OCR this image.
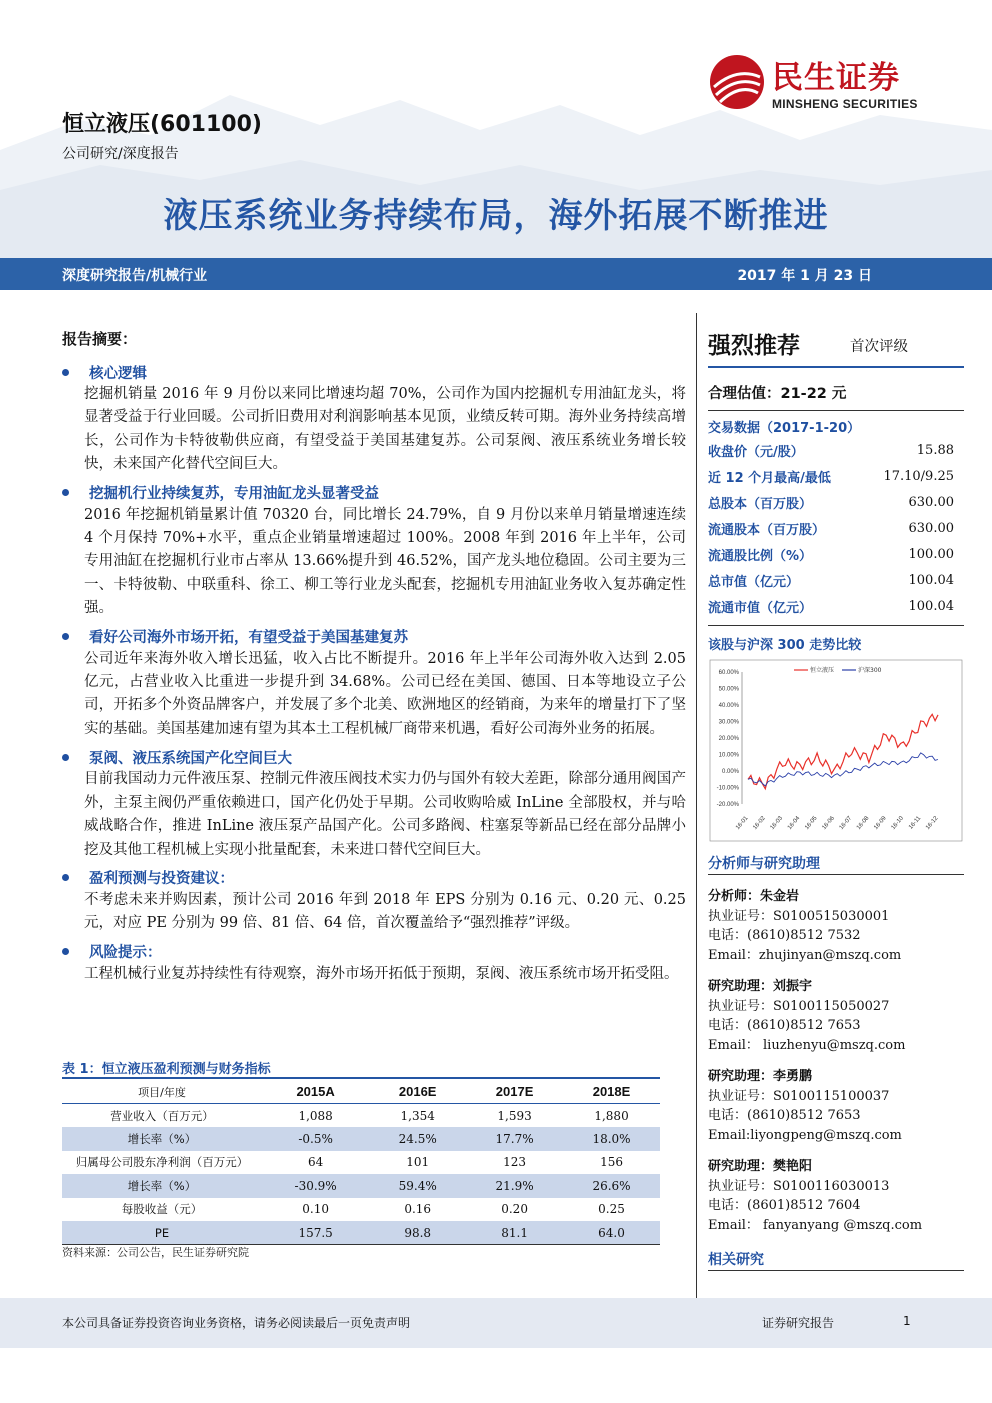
民生证券
MINSHENG SECURITIES
恒立液压(601100)
公司研究/深度报告
液压系统业务持续布局，海外拓展不断推进
深度研究报告/机械行业	2017 年 1 月 23 日
报告摘要：
核心逻辑
挖掘机销量 2016 年 9 月份以来同比增速均超 70%，公司作为国内挖掘机专用油缸龙头，将显著受益于行业回暖。公司折旧费用对利润影响基本见顶，业绩反转可期。海外业务持续高增长，公司作为卡特彼勒供应商，有望受益于美国基建复苏。公司泵阀、液压系统业务增长较快，未来国产化替代空间巨大。
挖掘机行业持续复苏，专用油缸龙头显著受益
2016 年挖掘机销量累计值 70320 台，同比增长 24.79%，自 9 月份以来单月销量增速连续 4 个月保持 70%+水平，重点企业销量增速超过 100%。2008 年到 2016 年上半年，公司专用油缸在挖掘机行业市占率从 13.66%提升到 46.52%，国产龙头地位稳固。公司主要为三一、卡特彼勒、中联重科、徐工、柳工等行业龙头配套，挖掘机专用油缸业务收入复苏确定性强。
看好公司海外市场开拓，有望受益于美国基建复苏
公司近年来海外收入增长迅猛，收入占比不断提升。2016 年上半年公司海外收入达到 2.05 亿元，占营业收入比重进一步提升到 34.68%。公司已经在美国、德国、日本等地设立子公司，开拓多个外资品牌客户，并发展了多个北美、欧洲地区的经销商，为来年的增量打下了坚实的基础。美国基建加速有望为其本土工程机械厂商带来机遇，看好公司海外业务的拓展。
泵阀、液压系统国产化空间巨大
目前我国动力元件液压泵、控制元件液压阀技术实力仍与国外有较大差距，除部分通用阀国产外，主泵主阀仍严重依赖进口，国产化仍处于早期。公司收购哈威 InLine 全部股权，并与哈威战略合作，推进 InLine 液压泵产品国产化。公司多路阀、柱塞泵等新品已经在部分品牌小挖及其他工程机械上实现小批量配套，未来进口替代空间巨大。
盈利预测与投资建议：
不考虑未来并购因素，预计公司 2016 年到 2018 年 EPS 分别为 0.16 元、0.20 元、0.25 元，对应 PE 分别为 99 倍、81 倍、64 倍，首次覆盖给予“强烈推荐”评级。
风险提示：
工程机械行业复苏持续性有待观察，海外市场开拓低于预期，泵阀、液压系统市场开拓受阻。
表 1：恒立液压盈利预测与财务指标
项目/年度	2015A	2016E	2017E	2018E
营业收入（百万元）	1,088	1,354	1,593	1,880
增长率（%）	-0.5%	24.5%	17.7%	18.0%
归属母公司股东净利润（百万元）	64	101	123	156
增长率（%）	-30.9%	59.4%	21.9%	26.6%
每股收益（元）	0.10	0.16	0.20	0.25
PE	157.5	98.8	81.1	64.0
资料来源：公司公告，民生证券研究院
强烈推荐	首次评级
合理估值：21-22 元
交易数据（2017-1-20）
收盘价（元/股）	15.88
近 12 个月最高/最低	17.10/9.25
总股本（百万股）	630.00
流通股本（百万股）	630.00
流通股比例（%）	100.00
总市值（亿元）	100.04
流通市值（亿元）	100.04
该股与沪深 300 走势比较
60.00%
50.00%
40.00%
30.00%
20.00%
10.00%
0.00%
-10.00%
-20.00%
16-01 16-02 16-03 16-04 16-05 16-06 16-07 16-08 16-09 16-10 16-11 16-12
恒立液压	沪深300
分析师与研究助理
分析师：朱金岩
执业证号：S0100515030001
电话：(8610)8512 7532
Email：zhujinyan@mszq.com
研究助理：刘振宇
执业证号：S0100115050027
电话：(8610)8512 7653
Email： liuzhenyu@mszq.com
研究助理：李勇鹏
执业证号：S0100115100037
电话：(8610)8512 7653
Email:liyongpeng@mszq.com
研究助理：樊艳阳
执业证号：S0100116030013
电话：(8601)8512 7604
Email： fanyanyang @mszq.com
相关研究
本公司具备证券投资咨询业务资格，请务必阅读最后一页免责声明	证券研究报告	1
